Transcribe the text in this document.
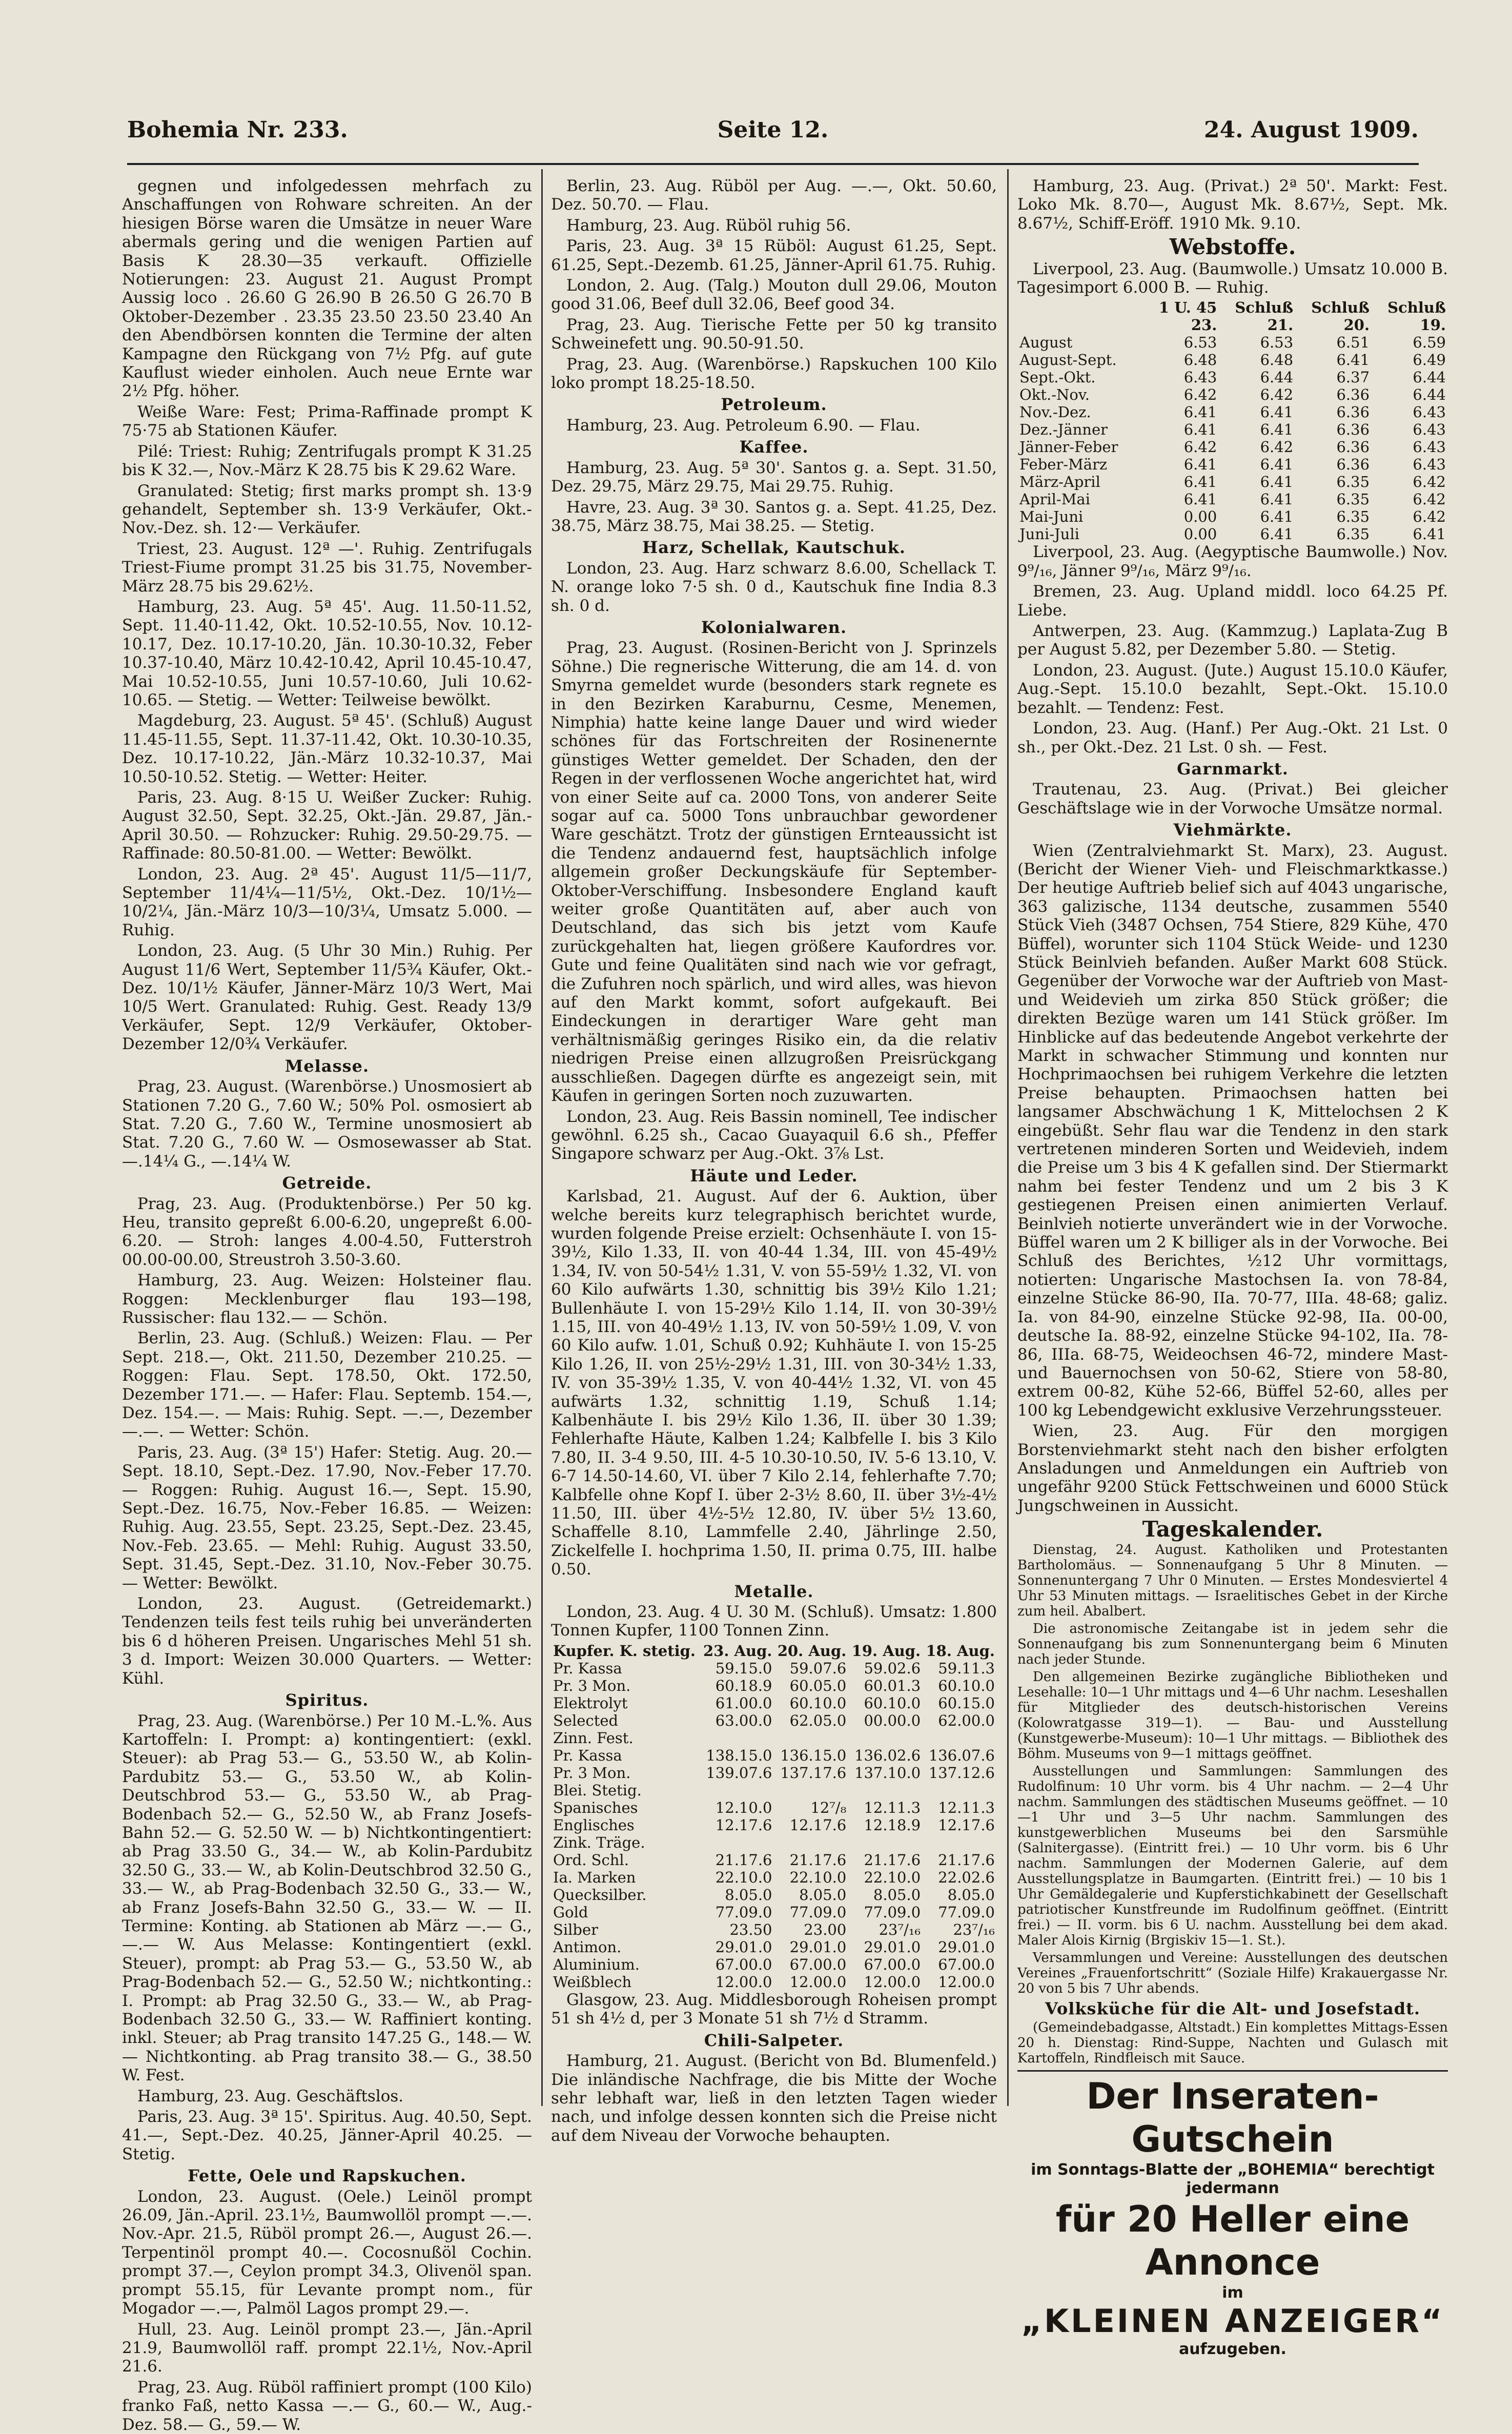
Bohemia Nr. 233.	Seite 12.	24. August 1909.

gegnen und infolgedessen mehrfach zu Anschaffungen von Rohware schreiten. An der hiesigen Börse waren die Umsätze in neuer Ware abermals gering und die wenigen Partien auf Basis K 28.30—35 verkauft. Offizielle Notierungen: 23. August 21. August Prompt Aussig loco . 26.60 G 26.90 B 26.50 G 26.70 B Oktober-Dezember . 23.35 23.50 23.50 23.40 An den Abendbörsen konnten die Termine der alten Kampagne den Rückgang von 7½ Pfg. auf gute Kauflust wieder einholen. Auch neue Ernte war 2½ Pfg. höher.

Weiße Ware: Fest; Prima-Raffinade prompt K 75·75 ab Stationen Käufer.

Pilé: Triest: Ruhig; Zentrifugals prompt K 31.25 bis K 32.—, Nov.-März K 28.75 bis K 29.62 Ware.

Granulated: Stetig; first marks prompt sh. 13·9 gehandelt, September sh. 13·9 Verkäufer, Okt.-Nov.-Dez. sh. 12·— Verkäufer.

Triest, 23. August. 12ª —'. Ruhig. Zentrifugals Triest-Fiume prompt 31.25 bis 31.75, November-März 28.75 bis 29.62½.

Hamburg, 23. Aug. 5ª 45'. Aug. 11.50-11.52, Sept. 11.40-11.42, Okt. 10.52-10.55, Nov. 10.12-10.17, Dez. 10.17-10.20, Jän. 10.30-10.32, Feber 10.37-10.40, März 10.42-10.42, April 10.45-10.47, Mai 10.52-10.55, Juni 10.57-10.60, Juli 10.62-10.65. — Stetig. — Wetter: Teilweise bewölkt.

Magdeburg, 23. August. 5ª 45'. (Schluß) August 11.45-11.55, Sept. 11.37-11.42, Okt. 10.30-10.35, Dez. 10.17-10.22, Jän.-März 10.32-10.37, Mai 10.50-10.52. Stetig. — Wetter: Heiter.

Paris, 23. Aug. 8·15 U. Weißer Zucker: Ruhig. August 32.50, Sept. 32.25, Okt.-Jän. 29.87, Jän.-April 30.50. — Rohzucker: Ruhig. 29.50-29.75. — Raffinade: 80.50-81.00. — Wetter: Bewölkt.

London, 23. Aug. 2ª 45'. August 11/5—11/7, September 11/4¼—11/5½, Okt.-Dez. 10/1½—10/2¼, Jän.-März 10/3—10/3¼, Umsatz 5.000. — Ruhig.

London, 23. Aug. (5 Uhr 30 Min.) Ruhig. Per August 11/6 Wert, September 11/5¾ Käufer, Okt.-Dez. 10/1½ Käufer, Jänner-März 10/3 Wert, Mai 10/5 Wert. Granulated: Ruhig. Gest. Ready 13/9 Verkäufer, Sept. 12/9 Verkäufer, Oktober-Dezember 12/0¾ Verkäufer.

Melasse.

Prag, 23. August. (Warenbörse.) Unosmosiert ab Stationen 7.20 G., 7.60 W.; 50% Pol. osmosiert ab Stat. 7.20 G., 7.60 W., Termine unosmosiert ab Stat. 7.20 G., 7.60 W. — Osmosewasser ab Stat. —.14¼ G., —.14¼ W.

Getreide.

Prag, 23. Aug. (Produktenbörse.) Per 50 kg. Heu, transito gepreßt 6.00-6.20, ungepreßt 6.00-6.20. — Stroh: langes 4.00-4.50, Futterstroh 00.00-00.00, Streustroh 3.50-3.60.

Hamburg, 23. Aug. Weizen: Holsteiner flau. Roggen: Mecklenburger flau 193—198, Russischer: flau 132.— — Schön.

Berlin, 23. Aug. (Schluß.) Weizen: Flau. — Per Sept. 218.—, Okt. 211.50, Dezember 210.25. — Roggen: Flau. Sept. 178.50, Okt. 172.50, Dezember 171.—. — Hafer: Flau. Septemb. 154.—, Dez. 154.—. — Mais: Ruhig. Sept. —.—, Dezember —.—. — Wetter: Schön.

Paris, 23. Aug. (3ª 15') Hafer: Stetig. Aug. 20.— Sept. 18.10, Sept.-Dez. 17.90, Nov.-Feber 17.70. — Roggen: Ruhig. August 16.—, Sept. 15.90, Sept.-Dez. 16.75, Nov.-Feber 16.85. — Weizen: Ruhig. Aug. 23.55, Sept. 23.25, Sept.-Dez. 23.45, Nov.-Feb. 23.65. — Mehl: Ruhig. August 33.50, Sept. 31.45, Sept.-Dez. 31.10, Nov.-Feber 30.75. — Wetter: Bewölkt.

London, 23. August. (Getreidemarkt.) Tendenzen teils fest teils ruhig bei unveränderten bis 6 d höheren Preisen. Ungarisches Mehl 51 sh. 3 d. Import: Weizen 30.000 Quarters. — Wetter: Kühl.

Spiritus.

Prag, 23. Aug. (Warenbörse.) Per 10 M.-L.%. Aus Kartoffeln: I. Prompt: a) kontingentiert: (exkl. Steuer): ab Prag 53.— G., 53.50 W., ab Kolin-Pardubitz 53.— G., 53.50 W., ab Kolin-Deutschbrod 53.— G., 53.50 W., ab Prag-Bodenbach 52.— G., 52.50 W., ab Franz Josefs-Bahn 52.— G. 52.50 W. — b) Nichtkontingentiert: ab Prag 33.50 G., 34.— W., ab Kolin-Pardubitz 32.50 G., 33.— W., ab Kolin-Deutschbrod 32.50 G., 33.— W., ab Prag-Bodenbach 32.50 G., 33.— W., ab Franz Josefs-Bahn 32.50 G., 33.— W. — II. Termine: Konting. ab Stationen ab März —.— G., —.— W. Aus Melasse: Kontingentiert (exkl. Steuer), prompt: ab Prag 53.— G., 53.50 W., ab Prag-Bodenbach 52.— G., 52.50 W.; nichtkonting.: I. Prompt: ab Prag 32.50 G., 33.— W., ab Prag-Bodenbach 32.50 G., 33.— W. Raffiniert konting. inkl. Steuer; ab Prag transito 147.25 G., 148.— W.— Nichtkonting. ab Prag transito 38.— G., 38.50 W. Fest.

Hamburg, 23. Aug. Geschäftslos.

Paris, 23. Aug. 3ª 15'. Spiritus. Aug. 40.50, Sept. 41.—, Sept.-Dez. 40.25, Jänner-April 40.25. — Stetig.

Fette, Oele und Rapskuchen.

London, 23. August. (Oele.) Leinöl prompt 26.09, Jän.-April. 23.1½, Baumwollöl prompt —.—. Nov.-Apr. 21.5, Rüböl prompt 26.—, August 26.—. Terpentinöl prompt 40.—. Cocosnußöl Cochin. prompt 37.—, Ceylon prompt 34.3, Olivenöl span. prompt 55.15, für Levante prompt nom., für Mogador —.—, Palmöl Lagos prompt 29.—.

Hull, 23. Aug. Leinöl prompt 23.—, Jän.-April 21.9, Baumwollöl raff. prompt 22.1½, Nov.-April 21.6.

Prag, 23. Aug. Rüböl raffiniert prompt (100 Kilo) franko Faß, netto Kassa —.— G., 60.— W., Aug.-Dez. 58.— G., 59.— W.

Berlin, 23. Aug. Rüböl per Aug. —.—, Okt. 50.60, Dez. 50.70. — Flau.

Hamburg, 23. Aug. Rüböl ruhig 56.

Paris, 23. Aug. 3ª 15 Rüböl: August 61.25, Sept. 61.25, Sept.-Dezemb. 61.25, Jänner-April 61.75. Ruhig.

London, 2. Aug. (Talg.) Mouton dull 29.06, Mouton good 31.06, Beef dull 32.06, Beef good 34.

Prag, 23. Aug. Tierische Fette per 50 kg transito Schweinefett ung. 90.50-91.50.

Prag, 23. Aug. (Warenbörse.) Rapskuchen 100 Kilo loko prompt 18.25-18.50.

Petroleum.

Hamburg, 23. Aug. Petroleum 6.90. — Flau.

Kaffee.

Hamburg, 23. Aug. 5ª 30'. Santos g. a. Sept. 31.50, Dez. 29.75, März 29.75, Mai 29.75. Ruhig.

Havre, 23. Aug. 3ª 30. Santos g. a. Sept. 41.25, Dez. 38.75, März 38.75, Mai 38.25. — Stetig.

Harz, Schellak, Kautschuk.

London, 23. Aug. Harz schwarz 8.6.00, Schellack T. N. orange loko 7·5 sh. 0 d., Kautschuk fine India 8.3 sh. 0 d.

Kolonialwaren.

Prag, 23. August. (Rosinen-Bericht von J. Sprinzels Söhne.) Die regnerische Witterung, die am 14. d. von Smyrna gemeldet wurde (besonders stark regnete es in den Bezirken Karaburnu, Cesme, Menemen, Nimphia) hatte keine lange Dauer und wird wieder schönes für das Fortschreiten der Rosinenernte günstiges Wetter gemeldet. Der Schaden, den der Regen in der verflossenen Woche angerichtet hat, wird von einer Seite auf ca. 2000 Tons, von anderer Seite sogar auf ca. 5000 Tons unbrauchbar gewordener Ware geschätzt. Trotz der günstigen Ernteaussicht ist die Tendenz andauernd fest, hauptsächlich infolge allgemein großer Deckungskäufe für September-Oktober-Verschiffung. Insbesondere England kauft weiter große Quantitäten auf, aber auch von Deutschland, das sich bis jetzt vom Kaufe zurückgehalten hat, liegen größere Kaufordres vor. Gute und feine Qualitäten sind nach wie vor gefragt, die Zufuhren noch spärlich, und wird alles, was hievon auf den Markt kommt, sofort aufgekauft. Bei Eindeckungen in derartiger Ware geht man verhältnismäßig geringes Risiko ein, da die relativ niedrigen Preise einen allzugroßen Preisrückgang ausschließen. Dagegen dürfte es angezeigt sein, mit Käufen in geringen Sorten noch zuzuwarten.

London, 23. Aug. Reis Bassin nominell, Tee indischer gewöhnl. 6.25 sh., Cacao Guayaquil 6.6 sh., Pfeffer Singapore schwarz per Aug.-Okt. 3⅞ Lst.

Häute und Leder.

Karlsbad, 21. August. Auf der 6. Auktion, über welche bereits kurz telegraphisch berichtet wurde, wurden folgende Preise erzielt: Ochsenhäute I. von 15-39½, Kilo 1.33, II. von 40-44 1.34, III. von 45-49½ 1.34, IV. von 50-54½ 1.31, V. von 55-59½ 1.32, VI. von 60 Kilo aufwärts 1.30, schnittig bis 39½ Kilo 1.21; Bullenhäute I. von 15-29½ Kilo 1.14, II. von 30-39½ 1.15, III. von 40-49½ 1.13, IV. von 50-59½ 1.09, V. von 60 Kilo aufw. 1.01, Schuß 0.92; Kuhhäute I. von 15-25 Kilo 1.26, II. von 25½-29½ 1.31, III. von 30-34½ 1.33, IV. von 35-39½ 1.35, V. von 40-44½ 1.32, VI. von 45 aufwärts 1.32, schnittig 1.19, Schuß 1.14; Kalbenhäute I. bis 29½ Kilo 1.36, II. über 30 1.39; Fehlerhafte Häute, Kalben 1.24; Kalbfelle I. bis 3 Kilo 7.80, II. 3-4 9.50, III. 4-5 10.30-10.50, IV. 5-6 13.10, V. 6-7 14.50-14.60, VI. über 7 Kilo 2.14, fehlerhafte 7.70; Kalbfelle ohne Kopf I. über 2-3½ 8.60, II. über 3½-4½ 11.50, III. über 4½-5½ 12.80, IV. über 5½ 13.60, Schaffelle 8.10, Lammfelle 2.40, Jährlinge 2.50, Zickelfelle I. hochprima 1.50, II. prima 0.75, III. halbe 0.50.

Metalle.

London, 23. Aug. 4 U. 30 M. (Schluß). Umsatz: 1.800 Tonnen Kupfer, 1100 Tonnen Zinn.

Kupfer. K. stetig.	23. Aug.	20. Aug.	19. Aug.	18. Aug.
Pr. Kassa	59.15.0	59.07.6	59.02.6	59.11.3
Pr. 3 Mon.	60.18.9	60.05.0	60.01.3	60.10.0
Elektrolyt	61.00.0	60.10.0	60.10.0	60.15.0
Selected	63.00.0	62.05.0	00.00.0	62.00.0
Zinn. Fest.				
Pr. Kassa	138.15.0	136.15.0	136.02.6	136.07.6
Pr. 3 Mon.	139.07.6	137.17.6	137.10.0	137.12.6
Blei. Stetig.				
Spanisches	12.10.0	12⁷/₈	12.11.3	12.11.3
Englisches	12.17.6	12.17.6	12.18.9	12.17.6
Zink. Träge.				
Ord. Schl.	21.17.6	21.17.6	21.17.6	21.17.6
Ia. Marken	22.10.0	22.10.0	22.10.0	22.02.6
Quecksilber.	8.05.0	8.05.0	8.05.0	8.05.0
Gold	77.09.0	77.09.0	77.09.0	77.09.0
Silber	23.50	23.00	23⁷/₁₆	23⁷/₁₆
Antimon.	29.01.0	29.01.0	29.01.0	29.01.0
Aluminium.	67.00.0	67.00.0	67.00.0	67.00.0
Weißblech	12.00.0	12.00.0	12.00.0	12.00.0

Glasgow, 23. Aug. Middlesborough Roheisen prompt 51 sh 4½ d, per 3 Monate 51 sh 7½ d Stramm.

Chili-Salpeter.

Hamburg, 21. August. (Bericht von Bd. Blumenfeld.) Die inländische Nachfrage, die bis Mitte der Woche sehr lebhaft war, ließ in den letzten Tagen wieder nach, und infolge dessen konnten sich die Preise nicht auf dem Niveau der Vorwoche behaupten.

Hamburg, 23. Aug. (Privat.) 2ª 50'. Markt: Fest. Loko Mk. 8.70—, August Mk. 8.67½, Sept. Mk. 8.67½, Schiff-Eröff. 1910 Mk. 9.10.

Webstoffe.

Liverpool, 23. Aug. (Baumwolle.) Umsatz 10.000 B. Tagesimport 6.000 B. — Ruhig.

	1 U. 45	Schluß	Schluß	Schluß
	23.	21.	20.	19.
August	6.53	6.53	6.51	6.59
August-Sept.	6.48	6.48	6.41	6.49
Sept.-Okt.	6.43	6.44	6.37	6.44
Okt.-Nov.	6.42	6.42	6.36	6.44
Nov.-Dez.	6.41	6.41	6.36	6.43
Dez.-Jänner	6.41	6.41	6.36	6.43
Jänner-Feber	6.42	6.42	6.36	6.43
Feber-März	6.41	6.41	6.36	6.43
März-April	6.41	6.41	6.35	6.42
April-Mai	6.41	6.41	6.35	6.42
Mai-Juni	0.00	6.41	6.35	6.42
Juni-Juli	0.00	6.41	6.35	6.41

Liverpool, 23. Aug. (Aegyptische Baumwolle.) Nov. 9⁹/₁₆, Jänner 9⁹/₁₆, März 9⁹/₁₆.

Bremen, 23. Aug. Upland middl. loco 64.25 Pf. Liebe.

Antwerpen, 23. Aug. (Kammzug.) Laplata-Zug B per August 5.82, per Dezember 5.80. — Stetig.

London, 23. August. (Jute.) August 15.10.0 Käufer, Aug.-Sept. 15.10.0 bezahlt, Sept.-Okt. 15.10.0 bezahlt. — Tendenz: Fest.

London, 23. Aug. (Hanf.) Per Aug.-Okt. 21 Lst. 0 sh., per Okt.-Dez. 21 Lst. 0 sh. — Fest.

Garnmarkt.

Trautenau, 23. Aug. (Privat.) Bei gleicher Geschäftslage wie in der Vorwoche Umsätze normal.

Viehmärkte.

Wien (Zentralviehmarkt St. Marx), 23. August. (Bericht der Wiener Vieh- und Fleischmarktkasse.) Der heutige Auftrieb belief sich auf 4043 ungarische, 363 galizische, 1134 deutsche, zusammen 5540 Stück Vieh (3487 Ochsen, 754 Stiere, 829 Kühe, 470 Büffel), worunter sich 1104 Stück Weide- und 1230 Stück Beinlvieh befanden. Außer Markt 608 Stück. Gegenüber der Vorwoche war der Auftrieb von Mast- und Weidevieh um zirka 850 Stück größer; die direkten Bezüge waren um 141 Stück größer. Im Hinblicke auf das bedeutende Angebot verkehrte der Markt in schwacher Stimmung und konnten nur Hochprimaochsen bei ruhigem Verkehre die letzten Preise behaupten. Primaochsen hatten bei langsamer Abschwächung 1 K, Mittelochsen 2 K eingebüßt. Sehr flau war die Tendenz in den stark vertretenen minderen Sorten und Weidevieh, indem die Preise um 3 bis 4 K gefallen sind. Der Stiermarkt nahm bei fester Tendenz und um 2 bis 3 K gestiegenen Preisen einen animierten Verlauf. Beinlvieh notierte unverändert wie in der Vorwoche. Büffel waren um 2 K billiger als in der Vorwoche. Bei Schluß des Berichtes, ½12 Uhr vormittags, notierten: Ungarische Mastochsen Ia. von 78-84, einzelne Stücke 86-90, IIa. 70-77, IIIa. 48-68; galiz. Ia. von 84-90, einzelne Stücke 92-98, IIa. 00-00, deutsche Ia. 88-92, einzelne Stücke 94-102, IIa. 78-86, IIIa. 68-75, Weideochsen 46-72, mindere Mast- und Bauernochsen von 50-62, Stiere von 58-80, extrem 00-82, Kühe 52-66, Büffel 52-60, alles per 100 kg Lebendgewicht exklusive Verzehrungssteuer.

Wien, 23. Aug. Für den morgigen Borstenviehmarkt steht nach den bisher erfolgten Ansladungen und Anmeldungen ein Auftrieb von ungefähr 9200 Stück Fettschweinen und 6000 Stück Jungschweinen in Aussicht.

Tageskalender.

Dienstag, 24. August. Katholiken und Protestanten Bartholomäus. — Sonnenaufgang 5 Uhr 8 Minuten. — Sonnenuntergang 7 Uhr 0 Minuten. — Erstes Mondesviertel 4 Uhr 53 Minuten mittags. — Israelitisches Gebet in der Kirche zum heil. Abalbert.

Die astronomische Zeitangabe ist in jedem sehr die Sonnenaufgang bis zum Sonnenuntergang beim 6 Minuten nach jeder Stunde.

Den allgemeinen Bezirke zugängliche Bibliotheken und Lesehalle: 10—1 Uhr mittags und 4—6 Uhr nachm. Leseshallen für Mitglieder des deutsch-historischen Vereins (Kolowratgasse 319—1). — Bau- und Ausstellung (Kunstgewerbe-Museum): 10—1 Uhr mittags. — Bibliothek des Böhm. Museums von 9—1 mittags geöffnet.

Ausstellungen und Sammlungen: Sammlungen des Rudolfinum: 10 Uhr vorm. bis 4 Uhr nachm. — 2—4 Uhr nachm. Sammlungen des städtischen Museums geöffnet. — 10—1 Uhr und 3—5 Uhr nachm. Sammlungen des kunstgewerblichen Museums bei den Sarsmühle (Salnitergasse). (Eintritt frei.) — 10 Uhr vorm. bis 6 Uhr nachm. Sammlungen der Modernen Galerie, auf dem Ausstellungsplatze in Baumgarten. (Eintritt frei.) — 10 bis 1 Uhr Gemäldegalerie und Kupferstichkabinett der Gesellschaft patriotischer Kunstfreunde im Rudolfinum geöffnet. (Eintritt frei.) — II. vorm. bis 6 U. nachm. Ausstellung bei dem akad. Maler Alois Kirnig (Brgiskiv 15—1. St.).

Versammlungen und Vereine: Ausstellungen des deutschen Vereines „Frauenfortschritt“ (Soziale Hilfe) Krakauergasse Nr. 20 von 5 bis 7 Uhr abends.

Volksküche für die Alt- und Josefstadt.

(Gemeindebadgasse, Altstadt.) Ein komplettes Mittags-Essen 20 h. Dienstag: Rind-Suppe, Nachten und Gulasch mit Kartoffeln, Rindfleisch mit Sauce.

Der Inseraten-Gutschein
im Sonntags-Blatte der „BOHEMIA“ berechtigt jedermann
für 20 Heller eine Annonce
im
„KLEINEN ANZEIGER“
aufzugeben.
